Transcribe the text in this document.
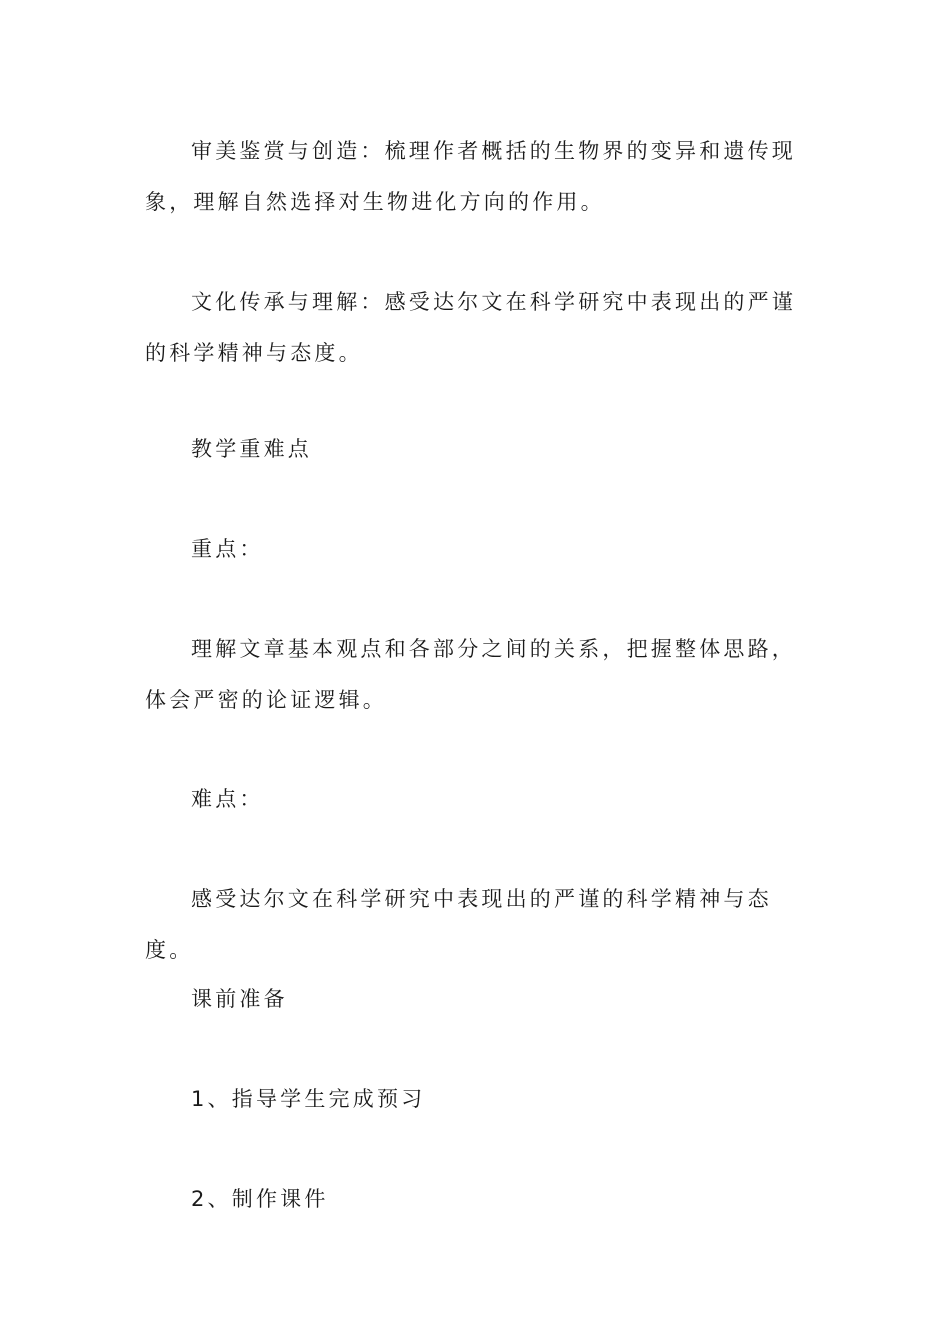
审美鉴赏与创造：梳理作者概括的生物界的变异和遗传现象，理解自然选择对生物进化方向的作用。

文化传承与理解：感受达尔文在科学研究中表现出的严谨的科学精神与态度。

教学重难点

重点：

理解文章基本观点和各部分之间的关系，把握整体思路，体会严密的论证逻辑。

难点：

感受达尔文在科学研究中表现出的严谨的科学精神与态度。

课前准备

1、指导学生完成预习

2、制作课件
